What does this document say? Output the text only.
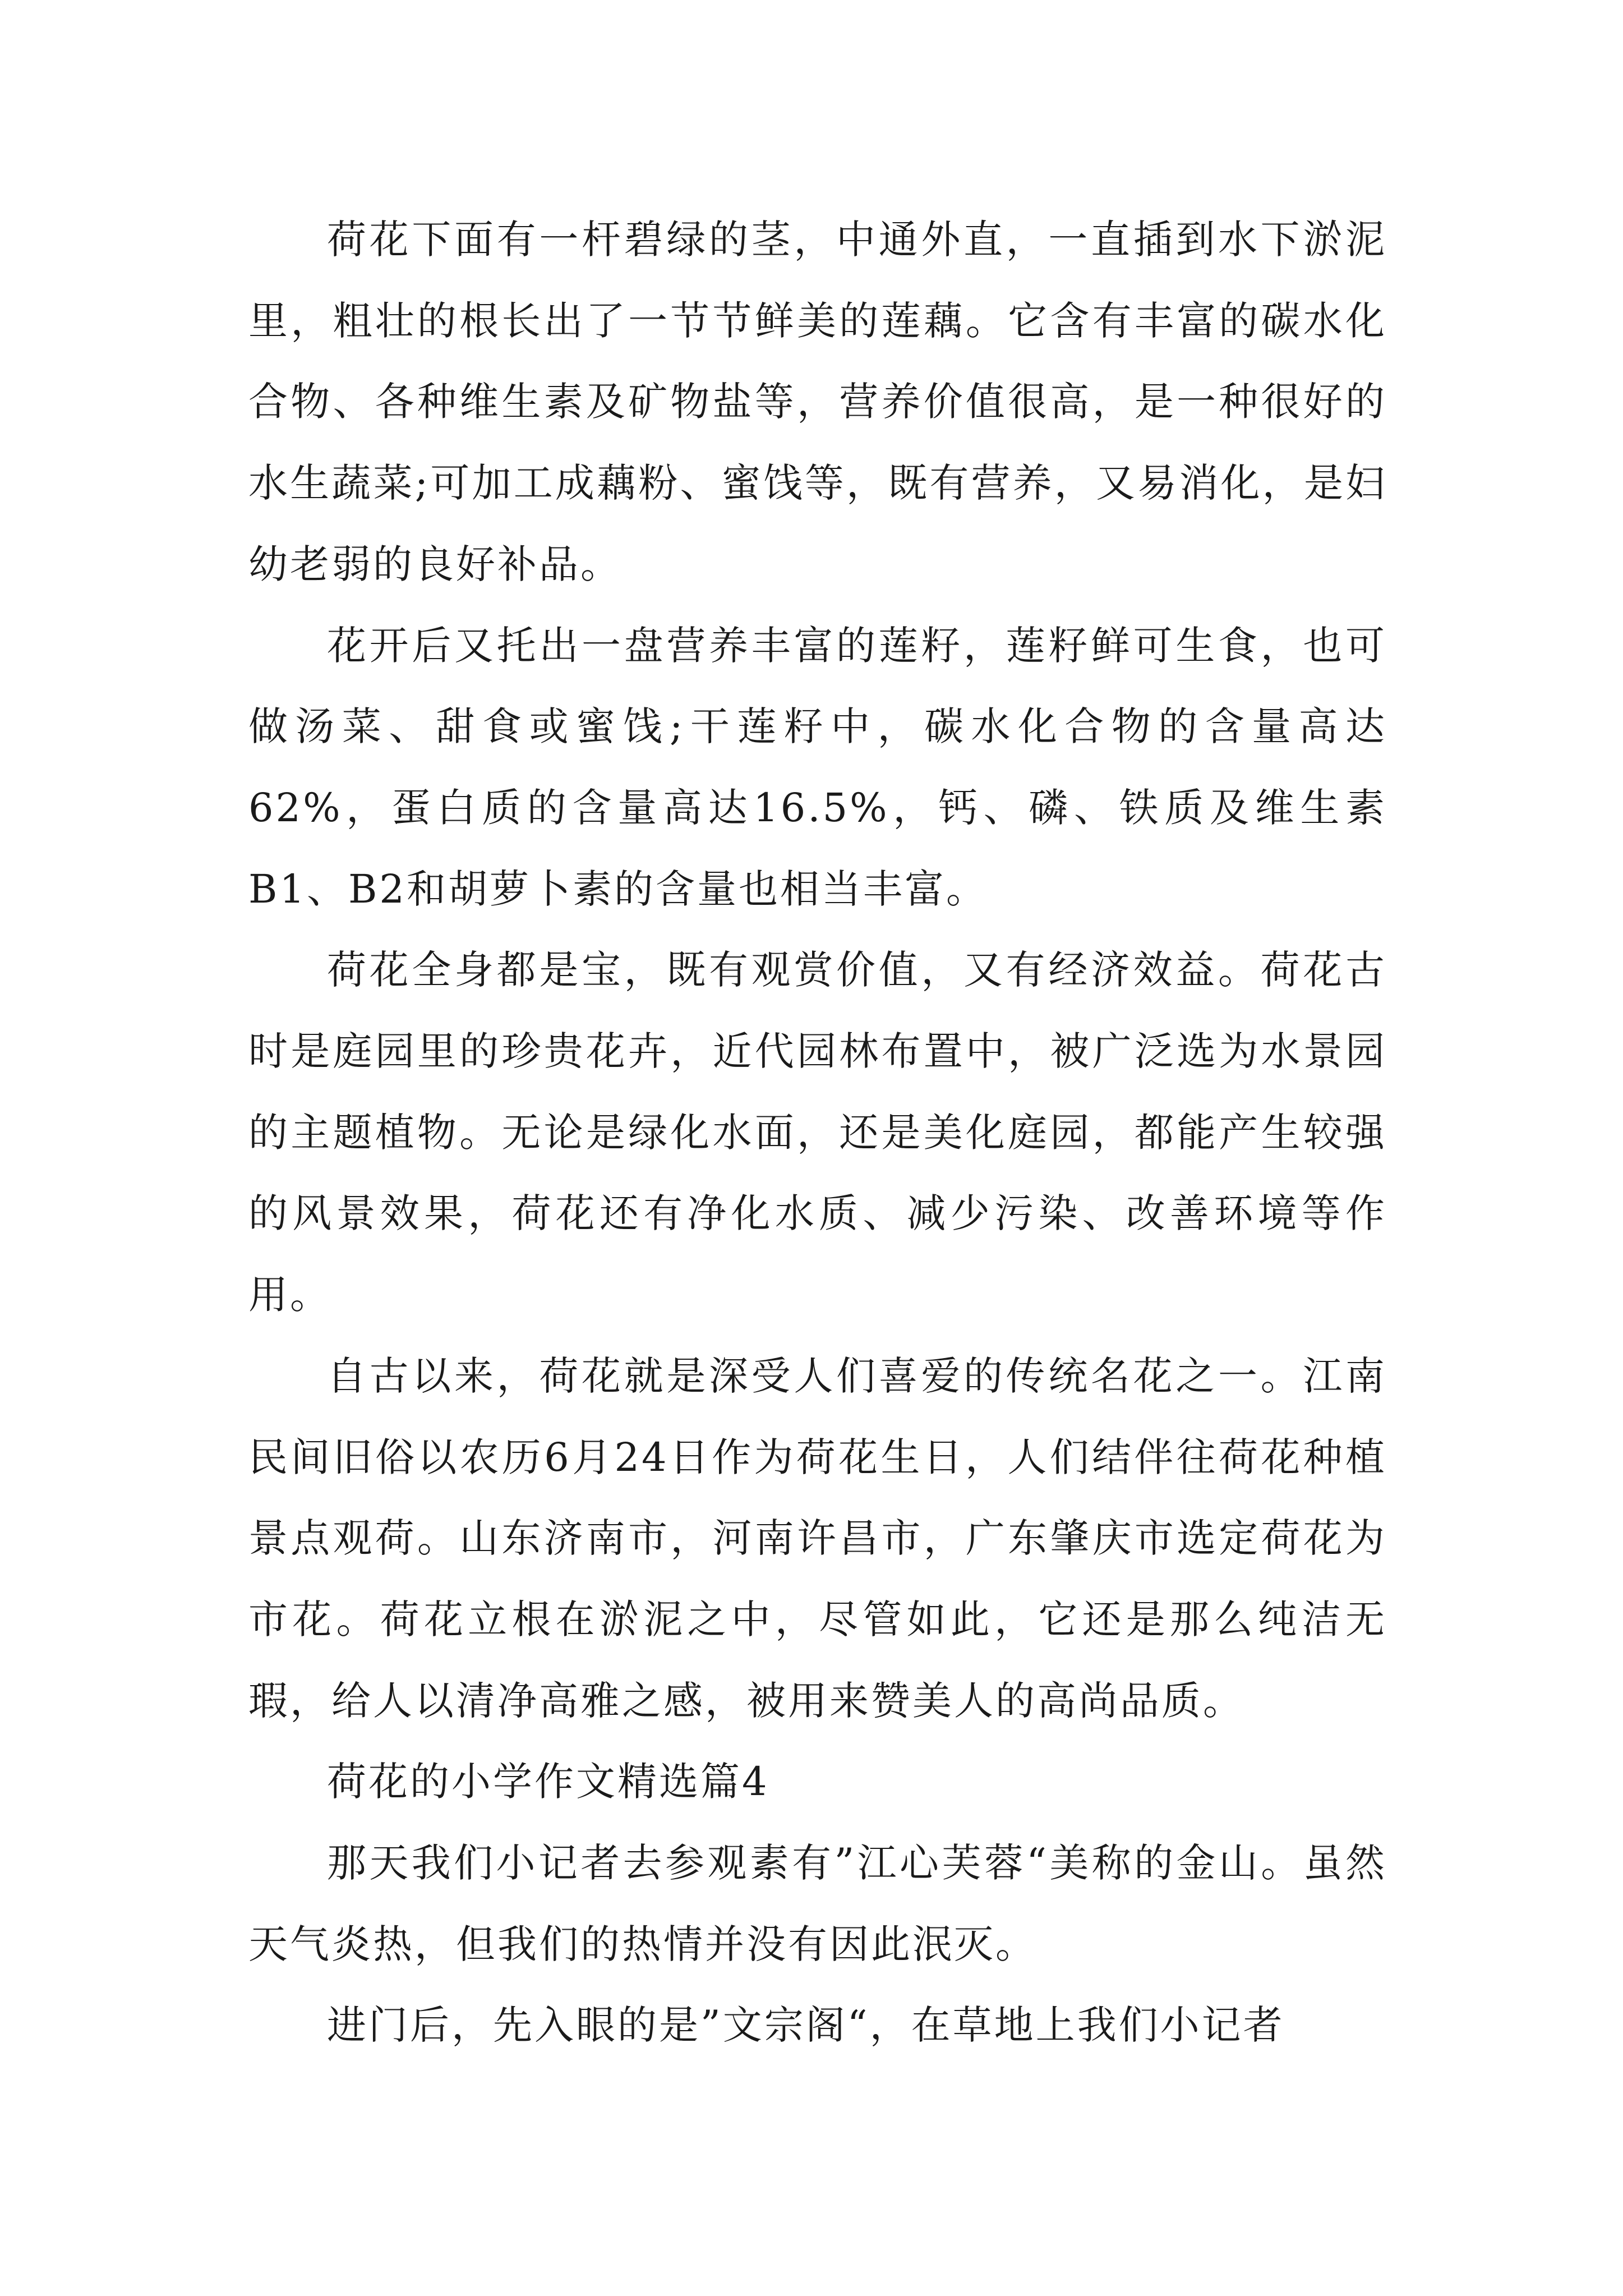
荷花下面有一杆碧绿的茎，中通外直，一直插到水下淤泥里，粗壮的根长出了一节节鲜美的莲藕。它含有丰富的碳水化合物、各种维生素及矿物盐等，营养价值很高，是一种很好的水生蔬菜;可加工成藕粉、蜜饯等，既有营养，又易消化，是妇幼老弱的良好补品。

花开后又托出一盘营养丰富的莲籽，莲籽鲜可生食，也可做汤菜、甜食或蜜饯;干莲籽中，碳水化合物的含量高达62%，蛋白质的含量高达16.5%，钙、磷、铁质及维生素B1、B2和胡萝卜素的含量也相当丰富。

荷花全身都是宝，既有观赏价值，又有经济效益。荷花古时是庭园里的珍贵花卉，近代园林布置中，被广泛选为水景园的主题植物。无论是绿化水面，还是美化庭园，都能产生较强的风景效果，荷花还有净化水质、减少污染、改善环境等作用。

自古以来，荷花就是深受人们喜爱的传统名花之一。江南民间旧俗以农历6月24日作为荷花生日，人们结伴往荷花种植景点观荷。山东济南市，河南许昌市，广东肇庆市选定荷花为市花。荷花立根在淤泥之中，尽管如此，它还是那么纯洁无瑕，给人以清净高雅之感，被用来赞美人的高尚品质。

荷花的小学作文精选篇4

那天我们小记者去参观素有”江心芙蓉“美称的金山。虽然天气炎热，但我们的热情并没有因此泯灭。

进门后，先入眼的是”文宗阁“，在草地上我们小记者
